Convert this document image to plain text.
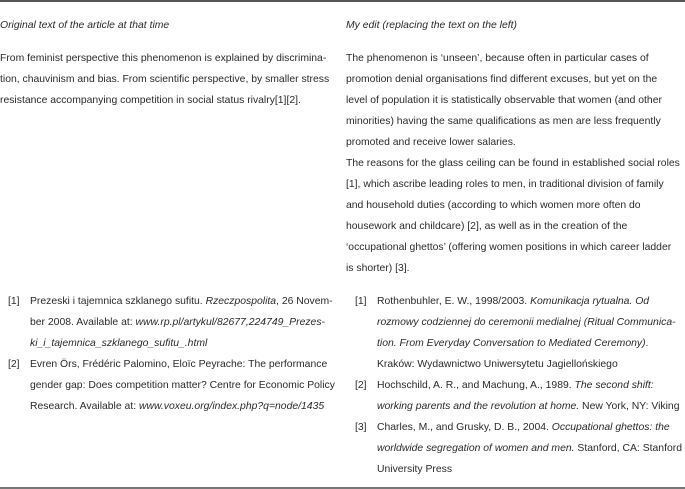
Original text of the article at that time
From feminist perspective this phenomenon is explained by discrimina-
tion, chauvinism and bias. From scientific perspective, by smaller stress
resistance accompanying competition in social status rivalry[1][2].
[1] Prezeski i tajemnica szklanego sufitu. Rzeczpospolita, 26 Novem-
ber 2008. Available at: www.rp.pl/artykul/82677,224749_Prezes-
ki_i_tajemnica_szklanego_sufitu_.html
[2] Evren Örs, Frédéric Palomino, Eloïc Peyrache: The performance
gender gap: Does competition matter? Centre for Economic Policy
Research. Available at: www.voxeu.org/index.php?q=node/1435
My edit (replacing the text on the left)
The phenomenon is ‘unseen’, because often in particular cases of
promotion denial organisations find different excuses, but yet on the
level of population it is statistically observable that women (and other
minorities) having the same qualifications as men are less frequently
promoted and receive lower salaries.
The reasons for the glass ceiling can be found in established social roles
[1], which ascribe leading roles to men, in traditional division of family
and household duties (according to which women more often do
housework and childcare) [2], as well as in the creation of the
‘occupational ghettos’ (offering women positions in which career ladder
is shorter) [3].
[1] Rothenbuhler, E. W., 1998/2003. Komunikacja rytualna. Od
rozmowy codziennej do ceremonii medialnej (Ritual Communica-
tion. From Everyday Conversation to Mediated Ceremony).
Kraków: Wydawnictwo Uniwersytetu Jagiellońskiego
[2] Hochschild, A. R., and Machung, A., 1989. The second shift:
working parents and the revolution at home. New York, NY: Viking
[3] Charles, M., and Grusky, D. B., 2004. Occupational ghettos: the
worldwide segregation of women and men. Stanford, CA: Stanford
University Press
